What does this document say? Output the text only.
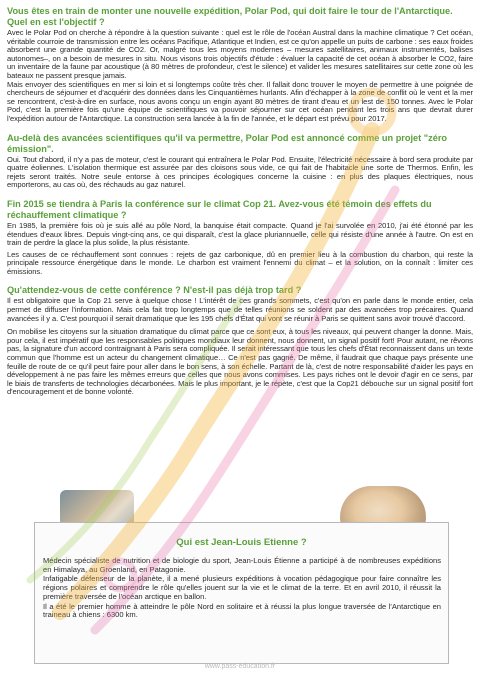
Vous êtes en train de monter une nouvelle expédition, Polar Pod, qui doit faire le tour de l'Antarctique. Quel en est l'objectif ?

Avec le Polar Pod on cherche à répondre à la question suivante : quel est le rôle de l'océan Austral dans la machine climatique ? Cet océan, véritable courroie de transmission entre les océans Pacifique, Atlantique et Indien, est ce qu'on appelle un puits de carbone : ses eaux froides absorbent une grande quantité de CO2. Or, malgré tous les moyens modernes – mesures satellitaires, animaux instrumentés, balises autonomes–, on a besoin de mesures in situ. Nous visons trois objectifs d'étude : évaluer la capacité de cet océan à absorber le CO2, faire un inventaire de la faune par acoustique (à 80 mètres de profondeur, c'est le silence) et valider les mesures satellitaires sur cette zone où les bateaux ne passent presque jamais.

Mais envoyer des scientifiques en mer si loin et si longtemps coûte très cher. Il fallait donc trouver le moyen de permettre à une poignée de chercheurs de séjourner et d'acquérir des données dans les Cinquantièmes hurlants. Afin d'échapper à la zone de conflit où le vent et la mer se rencontrent, c'est-à-dire en surface, nous avons conçu un engin ayant 80 mètres de tirant d'eau et un lest de 150 tonnes. Avec le Polar Pod, c'est la première fois qu'une équipe de scientifiques va pouvoir séjourner sur cet océan pendant les trois ans que devrait durer l'expédition autour de l'Antarctique. La construction sera lancée à la fin de l'année, et le départ est prévu pour 2017.

Au-delà des avancées scientifiques qu'il va permettre, Polar Pod est annoncé comme un projet "zéro émission".

Oui. Tout d'abord, il n'y a pas de moteur, c'est le courant qui entraînera le Polar Pod. Ensuite, l'électricité nécessaire à bord sera produite par quatre éoliennes. L'isolation thermique est assurée par des cloisons sous vide, ce qui fait de l'habitacle une sorte de Thermos. Enfin, les rejets seront traités. Notre seule entorse à ces principes écologiques concerne la cuisine : en plus des plaques électriques, nous emporterons, au cas où, des réchauds au gaz naturel.

Fin 2015 se tiendra à Paris la conférence sur le climat Cop 21. Avez-vous été témoin des effets du réchauffement climatique ?

En 1985, la première fois où je suis allé au pôle Nord, la banquise était compacte. Quand je l'ai survolée en 2010, j'ai été étonné par les étendues d'eaux libres. Depuis vingt-cinq ans, ce qui disparaît, c'est la glace pluriannuelle, celle qui résiste d'une année à l'autre. On est en train de perdre la glace la plus solide, la plus résistante.

Les causes de ce réchauffement sont connues : rejets de gaz carbonique, dû en premier lieu à la combustion du charbon, qui reste la principale ressource énergétique dans le monde. Le charbon est vraiment l'ennemi du climat – et la solution, on la connaît : limiter ces émissions.

Qu'attendez-vous de cette conférence ? N'est-il pas déjà trop tard ?

Il est obligatoire que la Cop 21 serve à quelque chose ! L'intérêt de ces grands sommets, c'est qu'on en parle dans le monde entier, cela permet de diffuser l'information. Mais cela fait trop longtemps que de telles réunions se soldent par des avancées trop précaires. Quand avancées il y a. C'est pourquoi il serait dramatique que les 195 chefs d'État qui vont se réunir à Paris se quittent sans avoir trouvé d'accord.

On mobilise les citoyens sur la situation dramatique du climat parce que ce sont eux, à tous les niveaux, qui peuvent changer la donne. Mais, pour cela, il est impératif que les responsables politiques mondiaux leur donnent, nous donnent, un signal positif fort! Pour autant, ne rêvons pas, la signature d'un accord contraignant à Paris sera compliquée. Il serait intéressant que tous les chefs d'État reconnaissent dans un texte commun que l'homme est un acteur du changement climatique… Ce n'est pas gagné. De même, il faudrait que chaque pays présente une feuille de route de ce qu'il peut faire pour aller dans le bon sens, à son échelle. Partant de là, c'est de notre responsabilité d'aider les pays en développement à ne pas faire les mêmes erreurs que celles que nous avons commises. Les pays riches ont le devoir d'agir en ce sens, par le biais de transferts de technologies décarbonées. Mais le plus important, je le répète, c'est que la Cop21 débouche sur un signal positif fort d'encouragement et de bonne volonté.

Qui est Jean-Louis Etienne ?

Médecin spécialiste de nutrition et de biologie du sport, Jean-Louis Étienne a participé à de nombreuses expéditions en Himalaya, au Groenland, en Patagonie.

Infatigable défenseur de la planète, il a mené plusieurs expéditions à vocation pédagogique pour faire connaître les régions polaires et comprendre le rôle qu'elles jouent sur la vie et le climat de la terre. Et en avril 2010, il réussit la première traversée de l'océan arctique en ballon.

Il a été le premier homme à atteindre le pôle Nord en solitaire et à réussi la plus longue traversée de l'Antarctique en traineau à chiens : 6300 km.

www.pass-education.fr
